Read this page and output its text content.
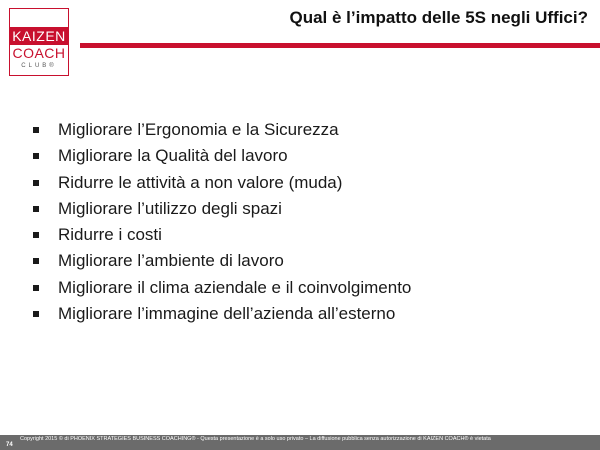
KAIZEN
COACH
CLUB®
Qual è l’impatto delle 5S negli Uffici?
Migliorare l’Ergonomia e la Sicurezza
Migliorare la Qualità del lavoro
Ridurre le attività a non valore (muda)
Migliorare l’utilizzo degli spazi
Ridurre i costi
Migliorare l’ambiente di lavoro
Migliorare il clima aziendale e il coinvolgimento
Migliorare l’immagine dell’azienda all’esterno
74
Copyright 2015 © di PHOENIX STRATEGIES BUSINESS COACHING® - Questa presentazione è a solo uso privato – La diffusione pubblica senza autorizzazione di KAIZEN COACH® è vietata
